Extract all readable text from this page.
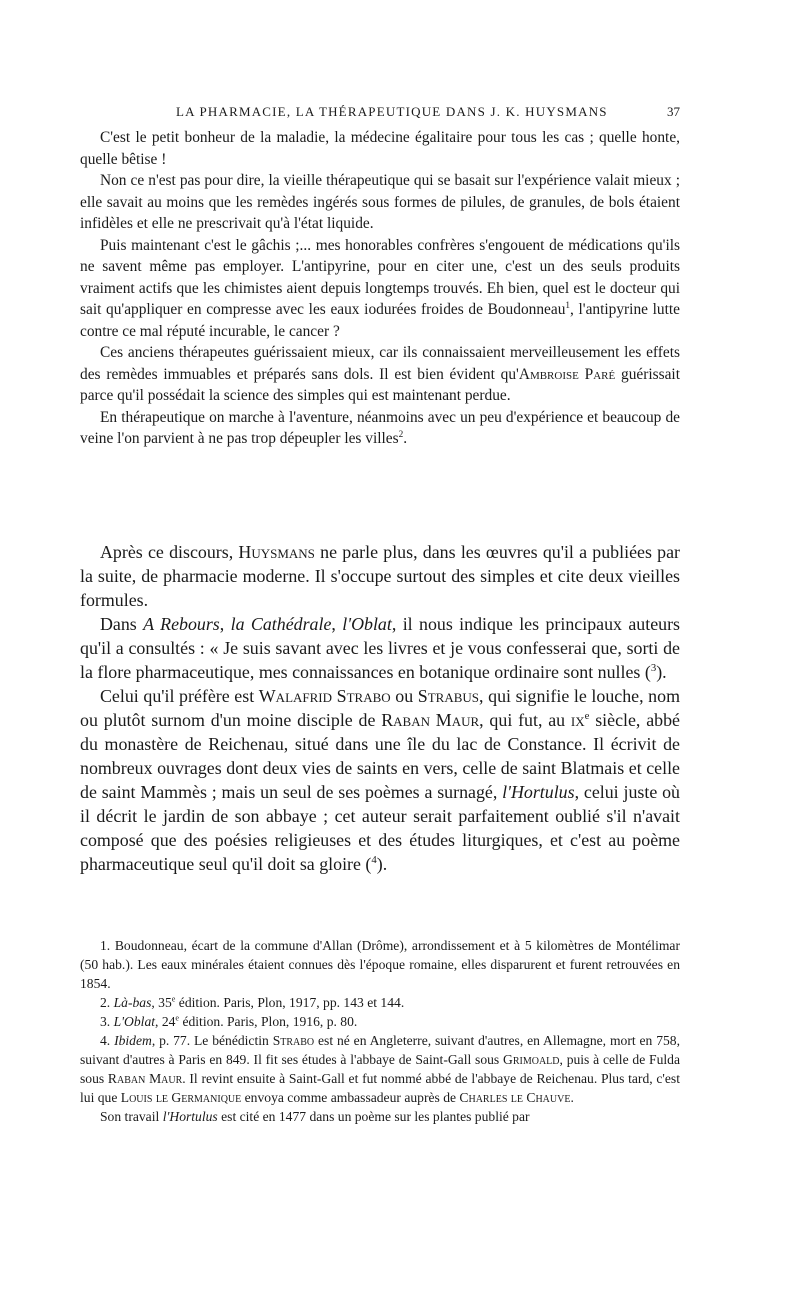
LA PHARMACIE, LA THÉRAPEUTIQUE DANS J. K. HUYSMANS	37

C'est le petit bonheur de la maladie, la médecine égalitaire pour tous les cas ; quelle honte, quelle bêtise !

Non ce n'est pas pour dire, la vieille thérapeutique qui se basait sur l'expérience valait mieux ; elle savait au moins que les remèdes ingérés sous formes de pilules, de granules, de bols étaient infidèles et elle ne prescrivait qu'à l'état liquide.

Puis maintenant c'est le gâchis ;... mes honorables confrères s'engouent de médications qu'ils ne savent même pas employer. L'antipyrine, pour en citer une, c'est un des seuls produits vraiment actifs que les chimistes aient depuis longtemps trouvés. Eh bien, quel est le docteur qui sait qu'appliquer en compresse avec les eaux iodurées froides de Boudonneau$^1$, l'antipyrine lutte contre ce mal réputé incurable, le cancer ?

Ces anciens thérapeutes guérissaient mieux, car ils connaissaient merveilleusement les effets des remèdes immuables et préparés sans dols. Il est bien évident qu'Ambroise Paré guérissait parce qu'il possédait la science des simples qui est maintenant perdue.

En thérapeutique on marche à l'aventure, néanmoins avec un peu d'expérience et beaucoup de veine l'on parvient à ne pas trop dépeupler les villes$^2$.

Après ce discours, Huysmans ne parle plus, dans les œuvres qu'il a publiées par la suite, de pharmacie moderne. Il s'occupe surtout des simples et cite deux vieilles formules.

Dans A Rebours, la Cathédrale, l'Oblat, il nous indique les principaux auteurs qu'il a consultés : « Je suis savant avec les livres et je vous confesserai que, sorti de la flore pharmaceutique, mes connaissances en botanique ordinaire sont nulles ($^3$).

Celui qu'il préfère est Walafrid Strabo ou Strabus, qui signifie le louche, nom ou plutôt surnom d'un moine disciple de Raban Maur, qui fut, au $ix^e$ siècle, abbé du monastère de Reichenau, situé dans une île du lac de Constance. Il écrivit de nombreux ouvrages dont deux vies de saints en vers, celle de saint Blatmais et celle de saint Mammès ; mais un seul de ses poèmes a surnagé, l'Hortulus, celui juste où il décrit le jardin de son abbaye ; cet auteur serait parfaitement oublié s'il n'avait composé que des poésies religieuses et des études liturgiques, et c'est au poème pharmaceutique seul qu'il doit sa gloire ($^4$).

1. Boudonneau, écart de la commune d'Allan (Drôme), arrondissement et à 5 kilomètres de Montélimar (50 hab.). Les eaux minérales étaient connues dès l'époque romaine, elles disparurent et furent retrouvées en 1854.

2. Là-bas, 35e édition. Paris, Plon, 1917, pp. 143 et 144.

3. L'Oblat, 24e édition. Paris, Plon, 1916, p. 80.

4. Ibidem, p. 77. Le bénédictin Strabo est né en Angleterre, suivant d'autres, en Allemagne, mort en 758, suivant d'autres à Paris en 849. Il fit ses études à l'abbaye de Saint-Gall sous Grimoald, puis à celle de Fulda sous Raban Maur. Il revint ensuite à Saint-Gall et fut nommé abbé de l'abbaye de Reichenau. Plus tard, c'est lui que Louis le Germanique envoya comme ambassadeur auprès de Charles le Chauve.

Son travail l'Hortulus est cité en 1477 dans un poème sur les plantes publié par
